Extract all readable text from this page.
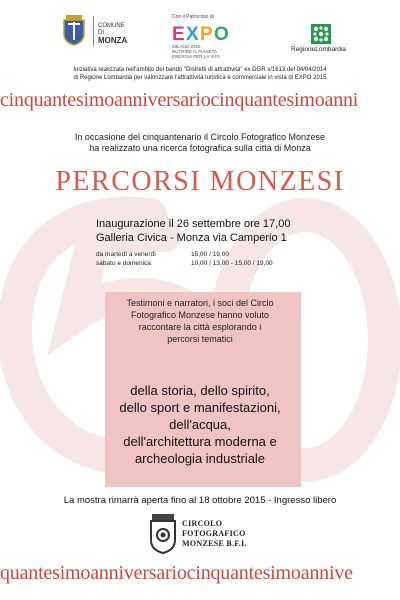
COMUNE DI
MONZA
Con il Patrocinio di
E X P O
MILANO 2015
NUTRIRE IL PIANETA
ENERGIA PER LA VITA
RegioneLombardia
Iniziativa realizzata nell'ambito del bando "Distretti di attrattività" ex DGR x/1613 del 04/04/2014
di Regione Lombardia per valorizzare l'attrattività turistica e commerciale in vista di EXPO 2015
cinquantesimoanniversariocinquantesimoanni
In occasione del cinquantenario il Circolo Fotografico Monzese
ha realizzato una ricerca fotografica sulla città di Monza
PERCORSI MONZESI
Inaugurazione il 26 settembre ore 17,00
Galleria Civica - Monza via Camperio 1
da martedì a venerdì	15,00 / 19,00
sabato e domenica	10,00 / 13,00 - 15,00 / 19,00
Testimoni e narratori, i soci del Circlo
Fotografico Monzese hanno voluto
raccontare la città esplorando i
percorsi tematici
della storia, dello spirito,
dello sport e manifestazioni,
dell'acqua,
dell'architettura moderna e
archeologia industriale
La mostra rimarrà aperta fino al 18 ottobre 2015 - Ingresso libero
CIRCOLO
FOTOGRAFICO
MONZESE B.F.I.
quantesimoanniversariocinquantesimoannive
